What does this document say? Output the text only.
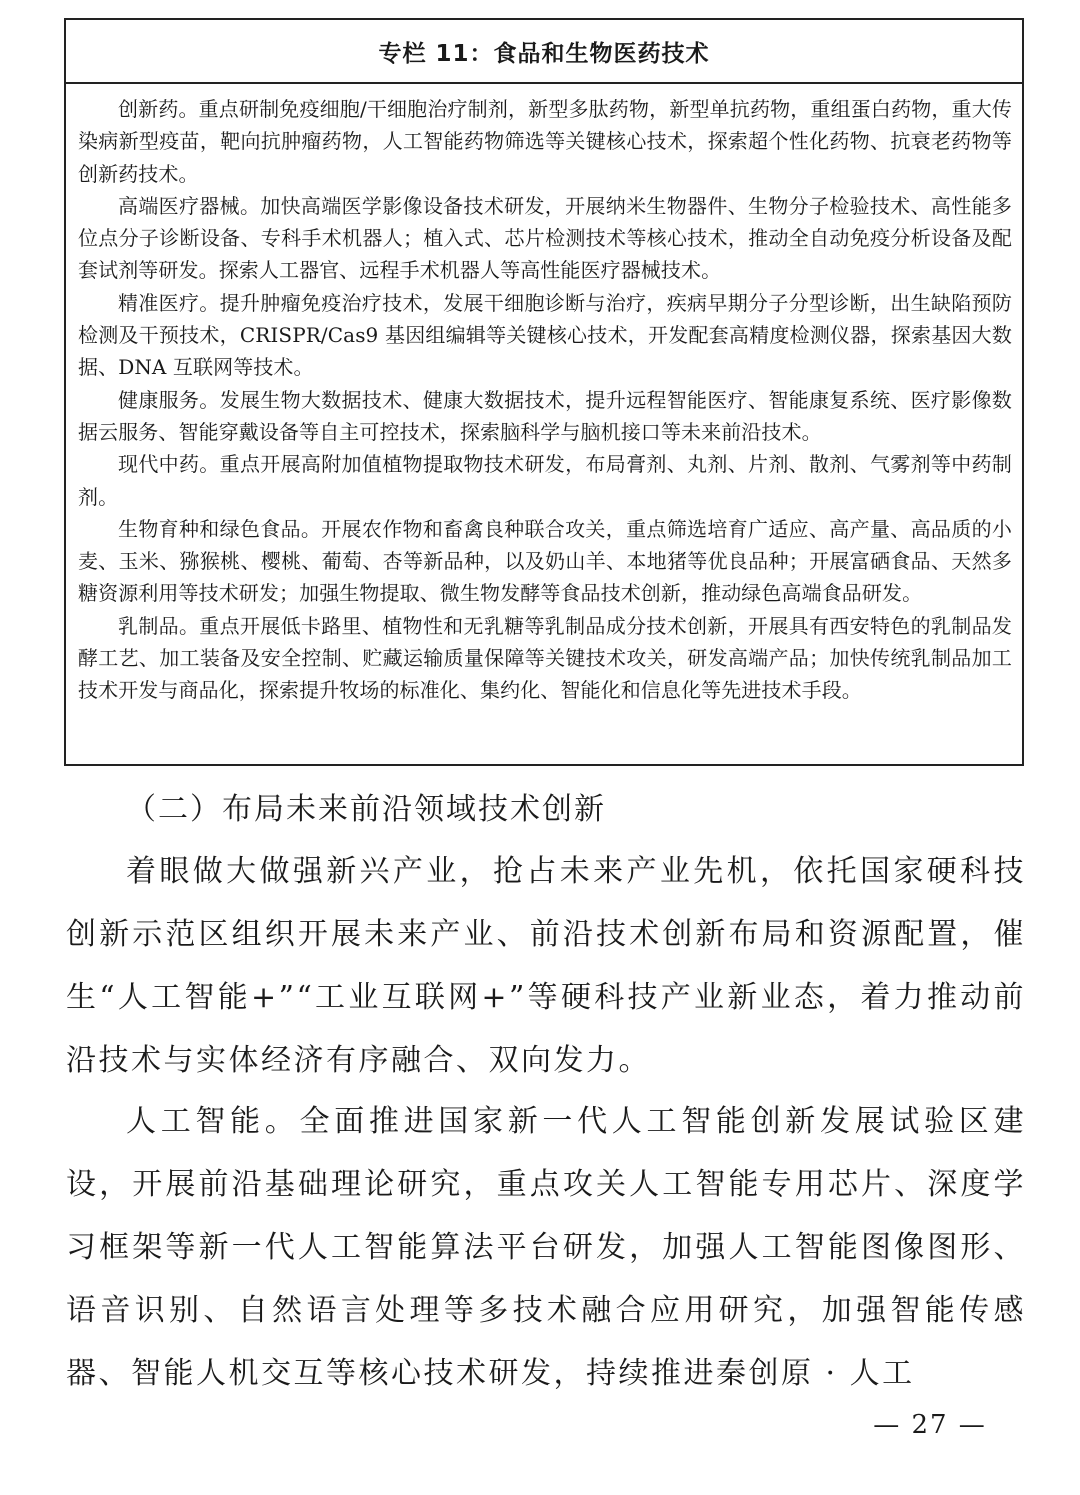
专栏 11：食品和生物医药技术

创新药。重点研制免疫细胞/干细胞治疗制剂，新型多肽药物，新型单抗药物，重组蛋白药物，重大传染病新型疫苗，靶向抗肿瘤药物，人工智能药物筛选等关键核心技术，探索超个性化药物、抗衰老药物等创新药技术。

高端医疗器械。加快高端医学影像设备技术研发，开展纳米生物器件、生物分子检验技术、高性能多位点分子诊断设备、专科手术机器人；植入式、芯片检测技术等核心技术，推动全自动免疫分析设备及配套试剂等研发。探索人工器官、远程手术机器人等高性能医疗器械技术。

精准医疗。提升肿瘤免疫治疗技术，发展干细胞诊断与治疗，疾病早期分子分型诊断，出生缺陷预防检测及干预技术，CRISPR/Cas9 基因组编辑等关键核心技术，开发配套高精度检测仪器，探索基因大数据、DNA 互联网等技术。

健康服务。发展生物大数据技术、健康大数据技术，提升远程智能医疗、智能康复系统、医疗影像数据云服务、智能穿戴设备等自主可控技术，探索脑科学与脑机接口等未来前沿技术。

现代中药。重点开展高附加值植物提取物技术研发，布局膏剂、丸剂、片剂、散剂、气雾剂等中药制剂。

生物育种和绿色食品。开展农作物和畜禽良种联合攻关，重点筛选培育广适应、高产量、高品质的小麦、玉米、猕猴桃、樱桃、葡萄、杏等新品种，以及奶山羊、本地猪等优良品种；开展富硒食品、天然多糖资源利用等技术研发；加强生物提取、微生物发酵等食品技术创新，推动绿色高端食品研发。

乳制品。重点开展低卡路里、植物性和无乳糖等乳制品成分技术创新，开展具有西安特色的乳制品发酵工艺、加工装备及安全控制、贮藏运输质量保障等关键技术攻关，研发高端产品；加快传统乳制品加工技术开发与商品化，探索提升牧场的标准化、集约化、智能化和信息化等先进技术手段。

（二）布局未来前沿领域技术创新

着眼做大做强新兴产业，抢占未来产业先机，依托国家硬科技创新示范区组织开展未来产业、前沿技术创新布局和资源配置，催生“人工智能+”“工业互联网+”等硬科技产业新业态，着力推动前沿技术与实体经济有序融合、双向发力。

人工智能。全面推进国家新一代人工智能创新发展试验区建设，开展前沿基础理论研究，重点攻关人工智能专用芯片、深度学习框架等新一代人工智能算法平台研发，加强人工智能图像图形、语音识别、自然语言处理等多技术融合应用研究，加强智能传感器、智能人机交互等核心技术研发，持续推进秦创原 · 人工

— 27 —
